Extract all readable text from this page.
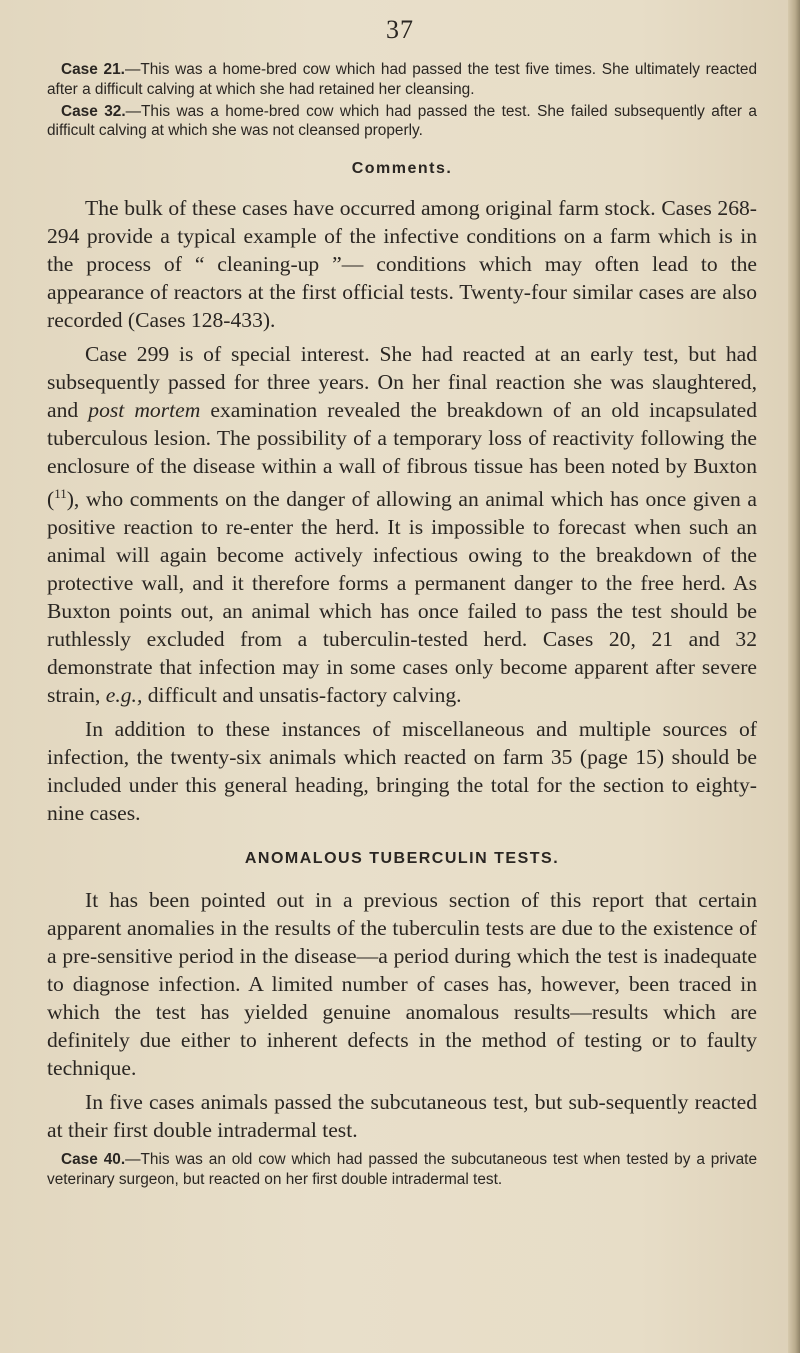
37

Case 21.—This was a home-bred cow which had passed the test five times. She ultimately reacted after a difficult calving at which she had retained her cleansing.

Case 32.—This was a home-bred cow which had passed the test. She failed subsequently after a difficult calving at which she was not cleansed properly.

Comments.

The bulk of these cases have occurred among original farm stock. Cases 268-294 provide a typical example of the infective conditions on a farm which is in the process of “ cleaning-up ”— conditions which may often lead to the appearance of reactors at the first official tests. Twenty-four similar cases are also recorded (Cases 128-433).

Case 299 is of special interest. She had reacted at an early test, but had subsequently passed for three years. On her final reaction she was slaughtered, and post mortem examination revealed the breakdown of an old incapsulated tuberculous lesion. The possibility of a temporary loss of reactivity following the enclosure of the disease within a wall of fibrous tissue has been noted by Buxton ($^{11}$), who comments on the danger of allowing an animal which has once given a positive reaction to re-enter the herd. It is impossible to forecast when such an animal will again become actively infectious owing to the breakdown of the protective wall, and it therefore forms a permanent danger to the free herd. As Buxton points out, an animal which has once failed to pass the test should be ruthlessly excluded from a tuberculin-tested herd. Cases 20, 21 and 32 demonstrate that infection may in some cases only become apparent after severe strain, e.g., difficult and unsatis-factory calving.

In addition to these instances of miscellaneous and multiple sources of infection, the twenty-six animals which reacted on farm 35 (page 15) should be included under this general heading, bringing the total for the section to eighty-nine cases.

ANOMALOUS TUBERCULIN TESTS.

It has been pointed out in a previous section of this report that certain apparent anomalies in the results of the tuberculin tests are due to the existence of a pre-sensitive period in the disease—a period during which the test is inadequate to diagnose infection. A limited number of cases has, however, been traced in which the test has yielded genuine anomalous results—results which are definitely due either to inherent defects in the method of testing or to faulty technique.

In five cases animals passed the subcutaneous test, but sub-sequently reacted at their first double intradermal test.

Case 40.—This was an old cow which had passed the subcutaneous test when tested by a private veterinary surgeon, but reacted on her first double intradermal test.
